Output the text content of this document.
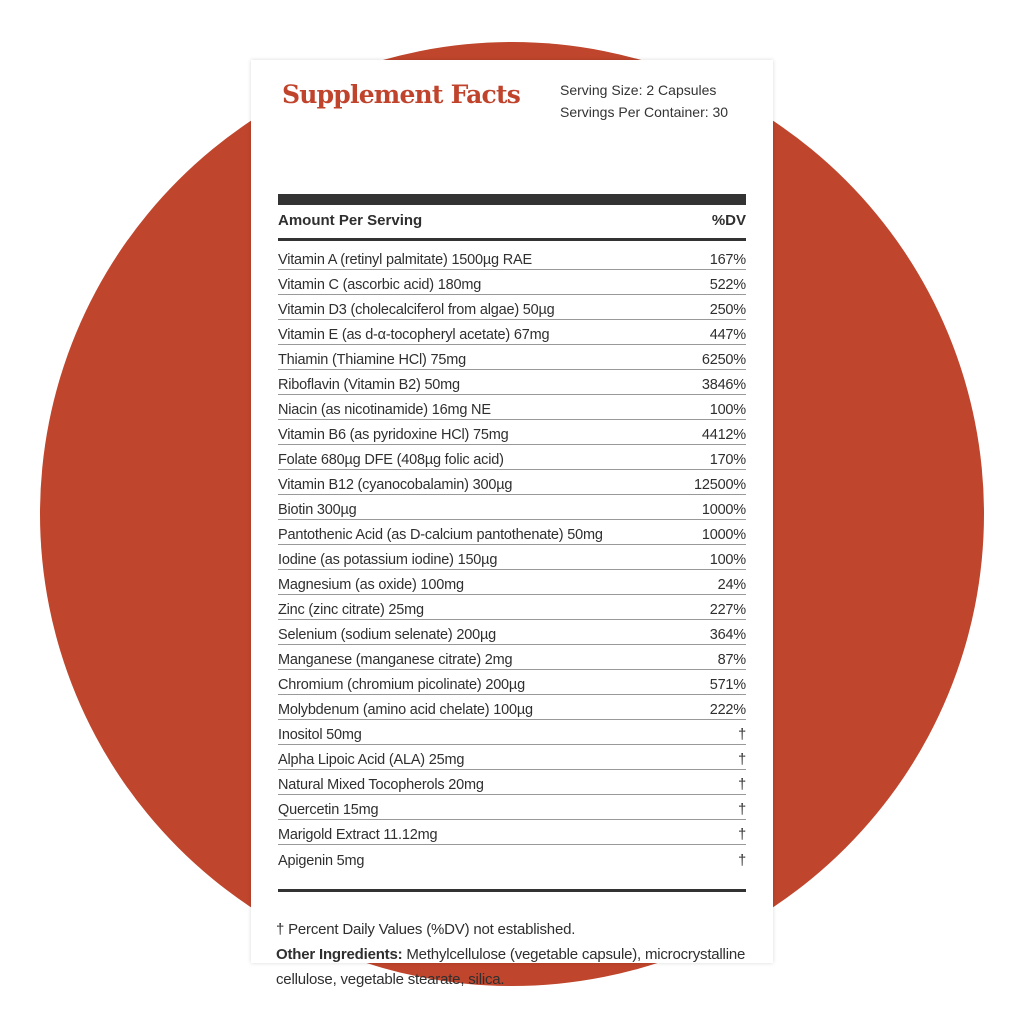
Supplement Facts	Serving Size: 2 Capsules
Servings Per Container: 30
Amount Per Serving	%DV
Vitamin A (retinyl palmitate) 1500µg RAE	167%
Vitamin C (ascorbic acid) 180mg	522%
Vitamin D3 (cholecalciferol from algae) 50µg	250%
Vitamin E (as d-α-tocopheryl acetate) 67mg	447%
Thiamin (Thiamine HCl) 75mg	6250%
Riboflavin (Vitamin B2) 50mg	3846%
Niacin (as nicotinamide) 16mg NE	100%
Vitamin B6 (as pyridoxine HCl) 75mg	4412%
Folate 680µg DFE (408µg folic acid)	170%
Vitamin B12 (cyanocobalamin) 300µg	12500%
Biotin 300µg	1000%
Pantothenic Acid (as D-calcium pantothenate) 50mg	1000%
Iodine (as potassium iodine) 150µg	100%
Magnesium (as oxide) 100mg	24%
Zinc (zinc citrate) 25mg	227%
Selenium (sodium selenate) 200µg	364%
Manganese (manganese citrate) 2mg	87%
Chromium (chromium picolinate) 200µg	571%
Molybdenum (amino acid chelate) 100µg	222%
Inositol 50mg	†
Alpha Lipoic Acid (ALA) 25mg	†
Natural Mixed Tocopherols 20mg	†
Quercetin 15mg	†
Marigold Extract 11.12mg	†
Apigenin 5mg	†
† Percent Daily Values (%DV) not established.
Other Ingredients: Methylcellulose (vegetable capsule), microcrystalline cellulose, vegetable stearate, silica.
